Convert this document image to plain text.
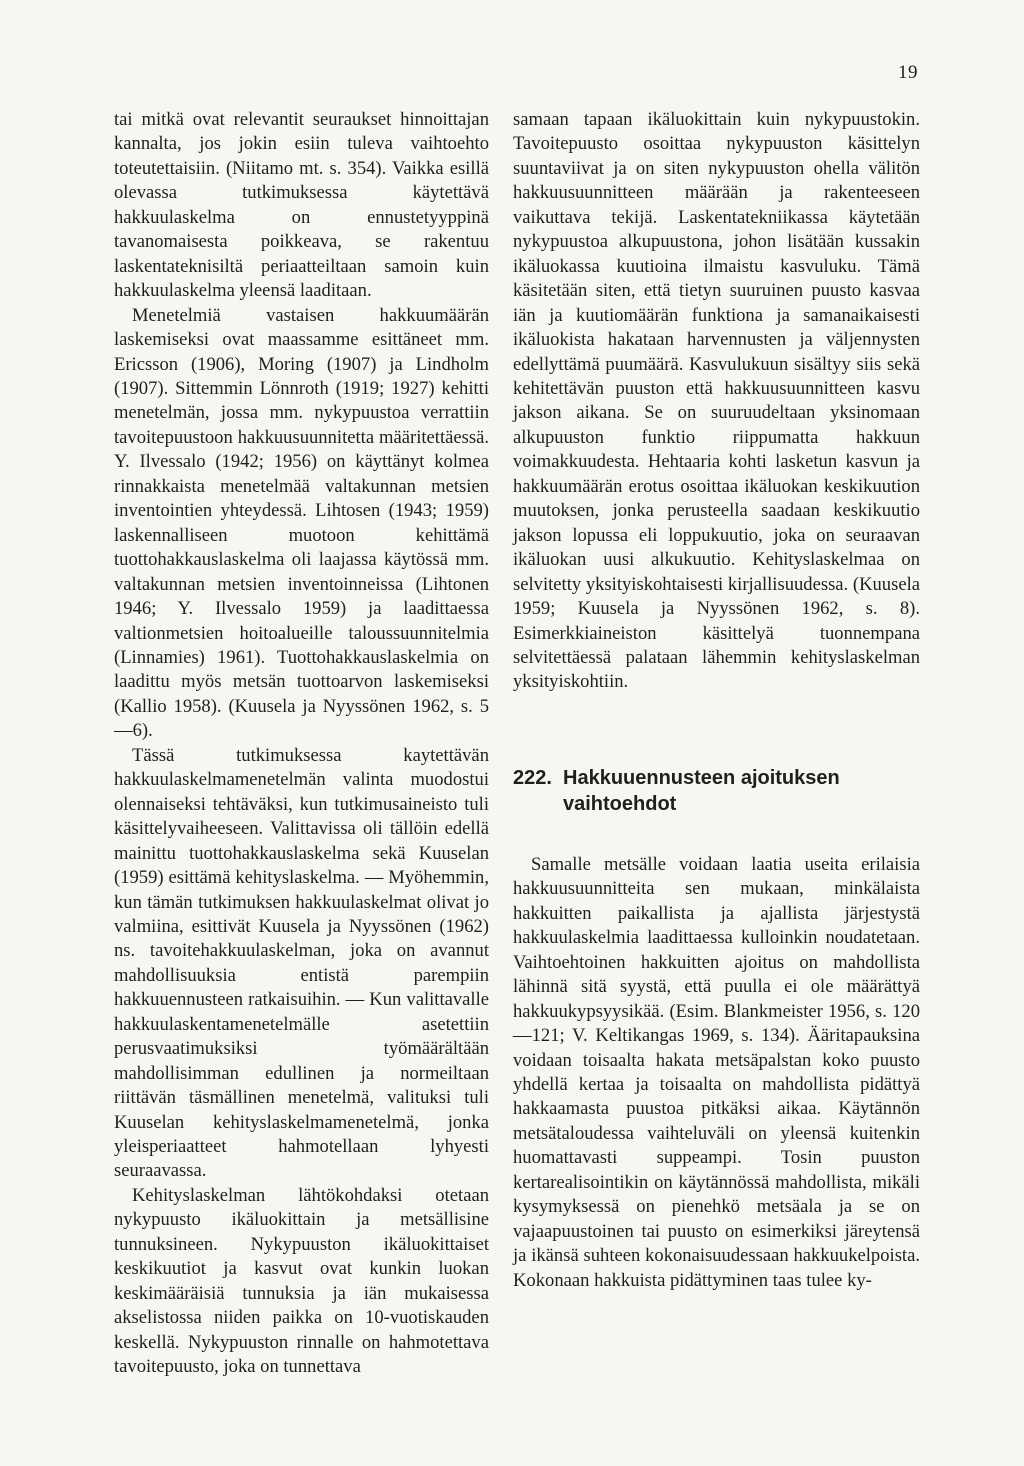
19

tai mitkä ovat relevantit seuraukset hinnoittajan kannalta, jos jokin esiin tuleva vaihtoehto toteutettaisiin. (Niitamo mt. s. 354). Vaikka esillä olevassa tutkimuksessa käytettävä hakkuulaskelma on ennustetyyppinä tavanomaisesta poikkeava, se rakentuu laskentateknisiltä periaatteiltaan samoin kuin hakkuulaskelma yleensä laaditaan.

Menetelmiä vastaisen hakkuumäärän laskemiseksi ovat maassamme esittäneet mm. Ericsson (1906), Moring (1907) ja Lindholm (1907). Sittemmin Lönnroth (1919; 1927) kehitti menetelmän, jossa mm. nykypuustoa verrattiin tavoitepuustoon hakkuusuunnitetta määritettäessä. Y. Ilvessalo (1942; 1956) on käyttänyt kolmea rinnakkaista menetelmää valtakunnan metsien inventointien yhteydessä. Lihtosen (1943; 1959) laskennalliseen muotoon kehittämä tuottohakkauslaskelma oli laajassa käytössä mm. valtakunnan metsien inventoinneissa (Lihtonen 1946; Y. Ilvessalo 1959) ja laadittaessa valtionmetsien hoitoalueille taloussuunnitelmia (Linnamies) 1961). Tuottohakkauslaskelmia on laadittu myös metsän tuottoarvon laskemiseksi (Kallio 1958). (Kuusela ja Nyyssönen 1962, s. 5—6).

Tässä tutkimuksessa kaytettävän hakkuulaskelmamenetelmän valinta muodostui olennaiseksi tehtäväksi, kun tutkimusaineisto tuli käsittelyvaiheeseen. Valittavissa oli tällöin edellä mainittu tuottohakkauslaskelma sekä Kuuselan (1959) esittämä kehityslaskelma. — Myöhemmin, kun tämän tutkimuksen hakkuulaskelmat olivat jo valmiina, esittivät Kuusela ja Nyyssönen (1962) ns. tavoitehakkuulaskelman, joka on avannut mahdollisuuksia entistä parempiin hakkuuennusteen ratkaisuihin. — Kun valittavalle hakkuulaskentamenetelmälle asetettiin perusvaatimuksiksi työmäärältään mahdollisimman edullinen ja normeiltaan riittävän täsmällinen menetelmä, valituksi tuli Kuuselan kehityslaskelmamenetelmä, jonka yleisperiaatteet hahmotellaan lyhyesti seuraavassa.

Kehityslaskelman lähtökohdaksi otetaan nykypuusto ikäluokittain ja metsällisine tunnuksineen. Nykypuuston ikäluokittaiset keskikuutiot ja kasvut ovat kunkin luokan keskimääräisiä tunnuksia ja iän mukaisessa akselistossa niiden paikka on 10-vuotiskauden keskellä. Nykypuuston rinnalle on hahmotettava tavoitepuusto, joka on tunnettava

samaan tapaan ikäluokittain kuin nykypuustokin. Tavoitepuusto osoittaa nykypuuston käsittelyn suuntaviivat ja on siten nykypuuston ohella välitön hakkuusuunnitteen määrään ja rakenteeseen vaikuttava tekijä. Laskentatekniikassa käytetään nykypuustoa alkupuustona, johon lisätään kussakin ikäluokassa kuutioina ilmaistu kasvuluku. Tämä käsitetään siten, että tietyn suuruinen puusto kasvaa iän ja kuutiomäärän funktiona ja samanaikaisesti ikäluokista hakataan harvennusten ja väljennysten edellyttämä puumäärä. Kasvulukuun sisältyy siis sekä kehitettävän puuston että hakkuusuunnitteen kasvu jakson aikana. Se on suuruudeltaan yksinomaan alkupuuston funktio riippumatta hakkuun voimakkuudesta. Hehtaaria kohti lasketun kasvun ja hakkuumäärän erotus osoittaa ikäluokan keskikuution muutoksen, jonka perusteella saadaan keskikuutio jakson lopussa eli loppukuutio, joka on seuraavan ikäluokan uusi alkukuutio. Kehityslaskelmaa on selvitetty yksityiskohtaisesti kirjallisuudessa. (Kuusela 1959; Kuusela ja Nyyssönen 1962, s. 8). Esimerkkiaineiston käsittelyä tuonnempana selvitettäessä palataan lähemmin kehityslaskelman yksityiskohtiin.

222. Hakkuuennusteen ajoituksen
vaihtoehdot

Samalle metsälle voidaan laatia useita erilaisia hakkuusuunnitteita sen mukaan, minkälaista hakkuitten paikallista ja ajallista järjestystä hakkuulaskelmia laadittaessa kulloinkin noudatetaan. Vaihtoehtoinen hakkuitten ajoitus on mahdollista lähinnä sitä syystä, että puulla ei ole määrättyä hakkuukypsyysikää. (Esim. Blankmeister 1956, s. 120—121; V. Keltikangas 1969, s. 134). Ääritapauksina voidaan toisaalta hakata metsäpalstan koko puusto yhdellä kertaa ja toisaalta on mahdollista pidättyä hakkaamasta puustoa pitkäksi aikaa. Käytännön metsätaloudessa vaihteluväli on yleensä kuitenkin huomattavasti suppeampi. Tosin puuston kertarealisointikin on käytännössä mahdollista, mikäli kysymyksessä on pienehkö metsäala ja se on vajaapuustoinen tai puusto on esimerkiksi järeytensä ja ikänsä suhteen kokonaisuudessaan hakkuukelpoista. Kokonaan hakkuista pidättyminen taas tulee ky-
